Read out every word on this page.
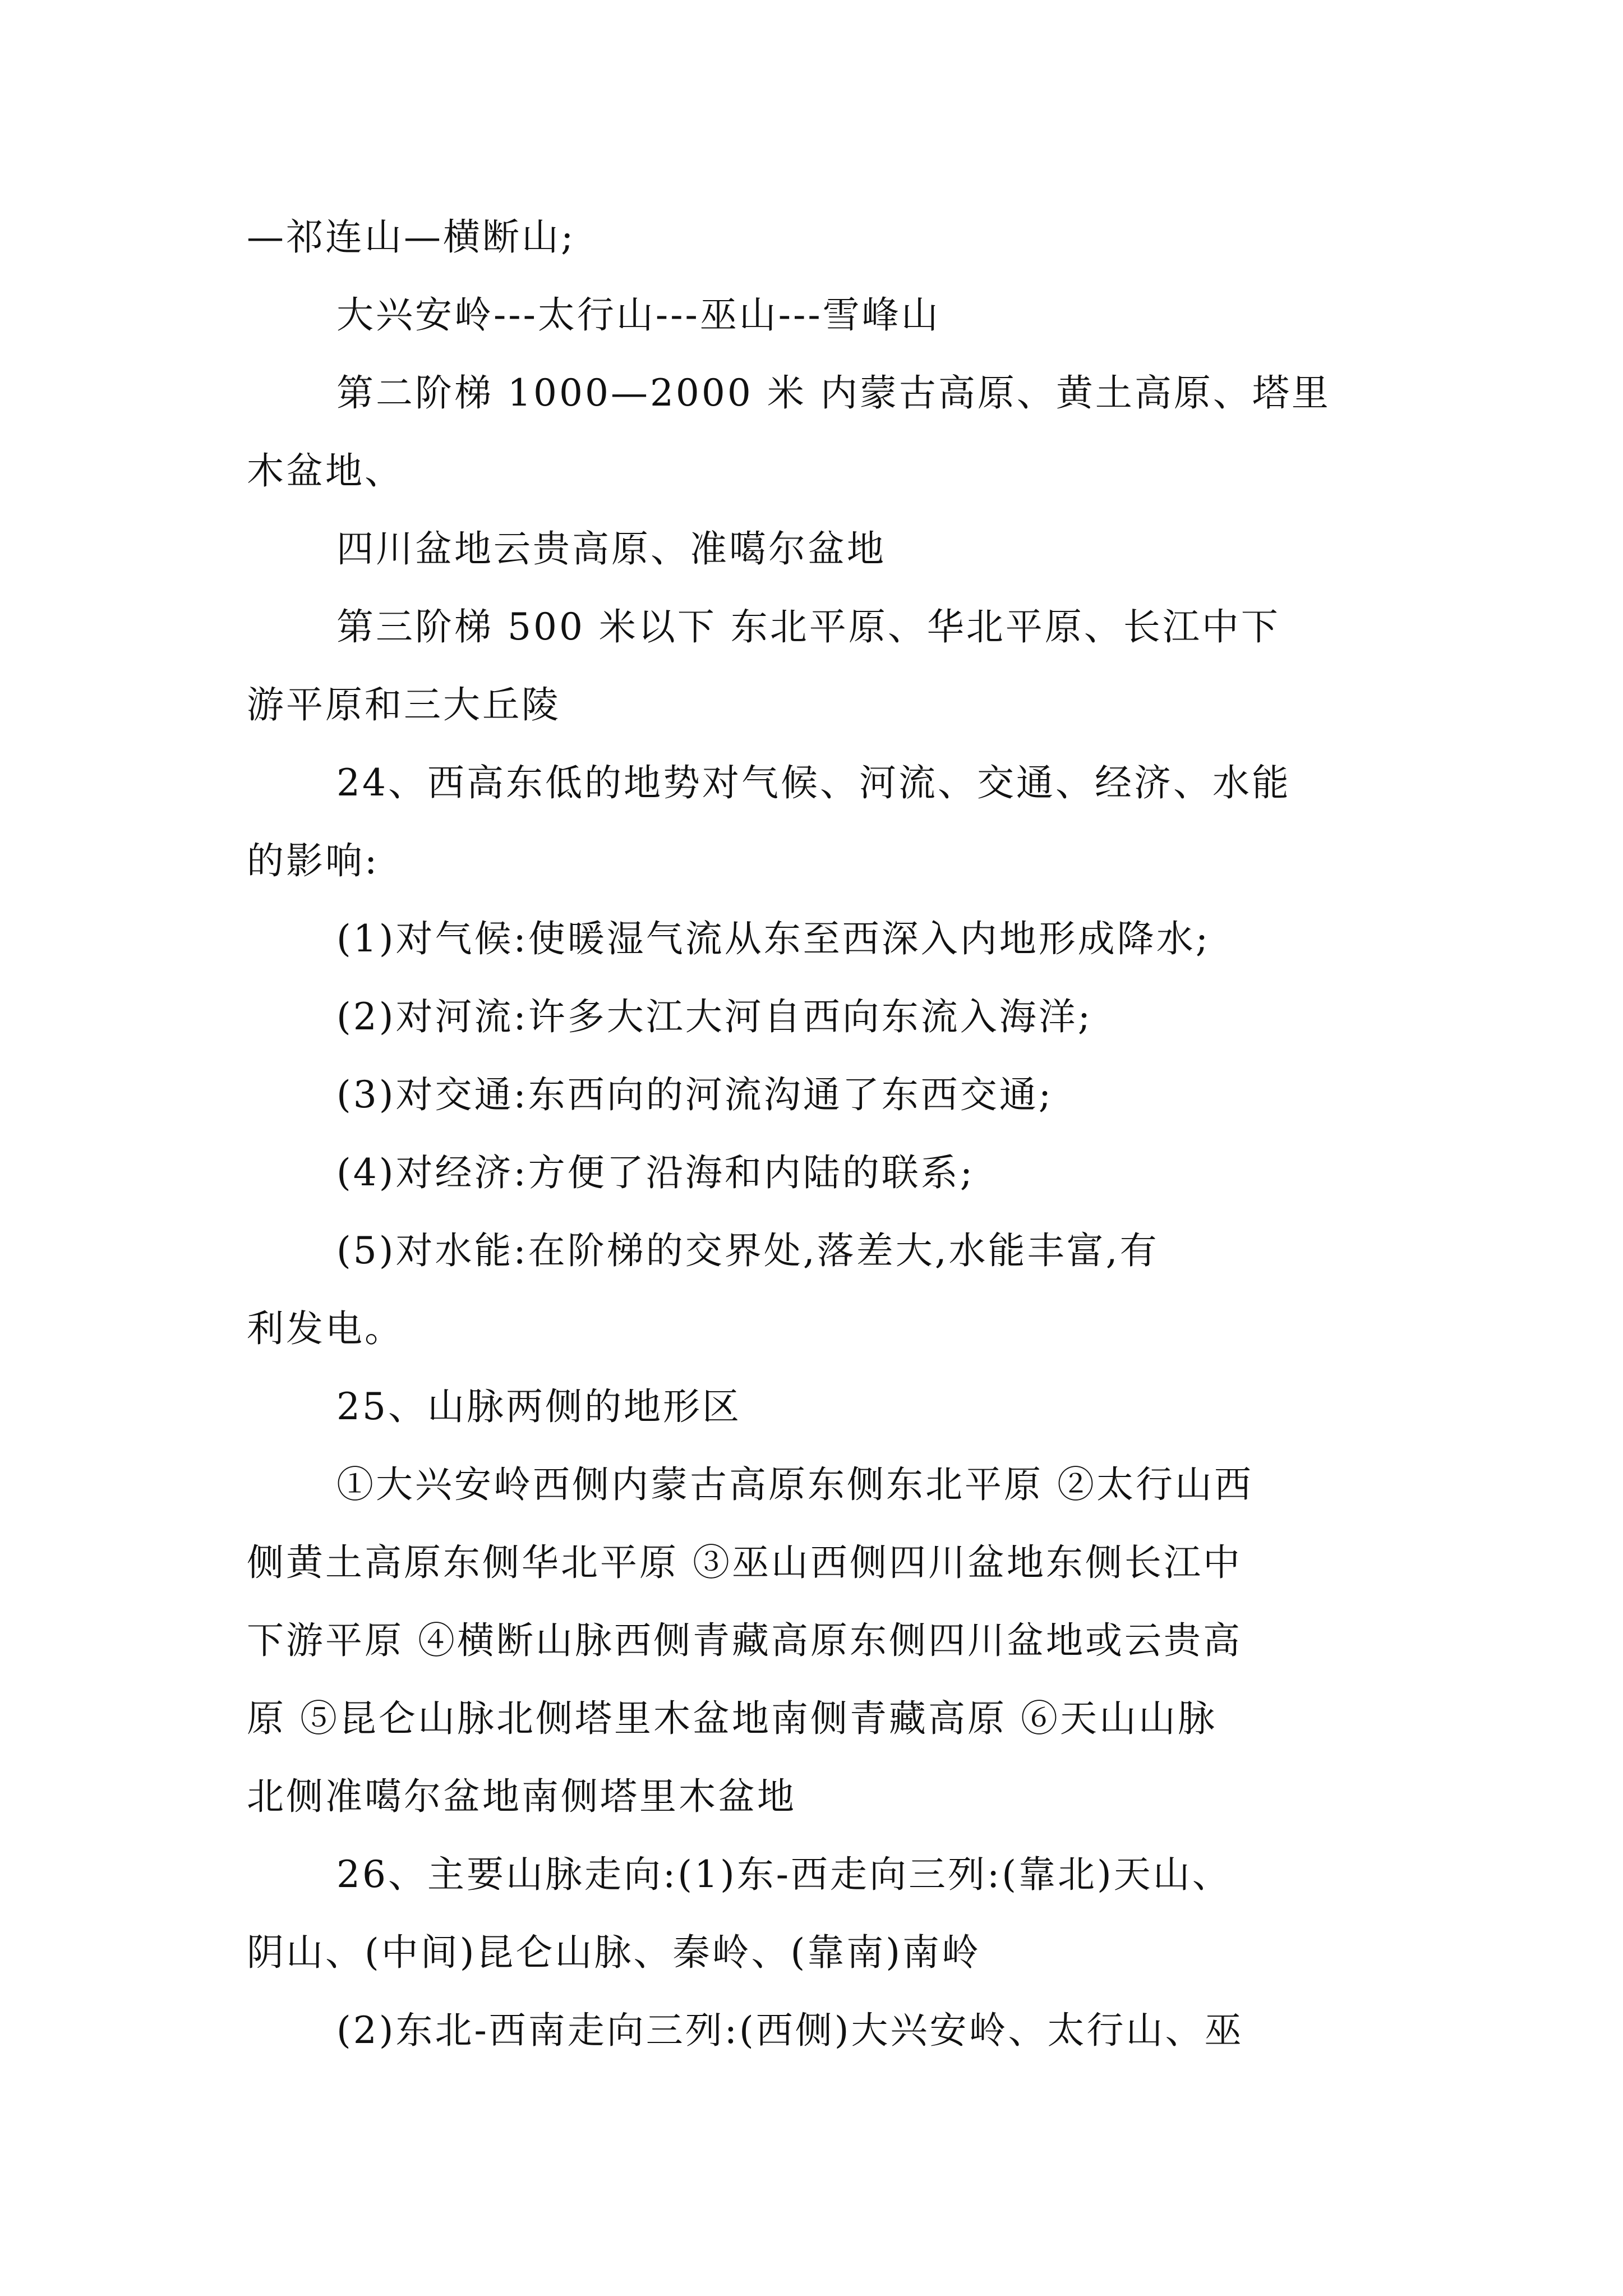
—祁连山—横断山;
大兴安岭---太行山---巫山---雪峰山
第二阶梯 1000—2000 米 内蒙古高原、黄土高原、塔里
木盆地、
四川盆地云贵高原、准噶尔盆地
第三阶梯 500 米以下 东北平原、华北平原、长江中下
游平原和三大丘陵
24、西高东低的地势对气候、河流、交通、经济、水能
的影响:
(1)对气候:使暖湿气流从东至西深入内地形成降水;
(2)对河流:许多大江大河自西向东流入海洋;
(3)对交通:东西向的河流沟通了东西交通;
(4)对经济:方便了沿海和内陆的联系;
(5)对水能:在阶梯的交界处,落差大,水能丰富,有
利发电。
25、山脉两侧的地形区
①大兴安岭西侧内蒙古高原东侧东北平原 ②太行山西
侧黄土高原东侧华北平原 ③巫山西侧四川盆地东侧长江中
下游平原 ④横断山脉西侧青藏高原东侧四川盆地或云贵高
原 ⑤昆仑山脉北侧塔里木盆地南侧青藏高原 ⑥天山山脉
北侧准噶尔盆地南侧塔里木盆地
26、主要山脉走向:(1)东-西走向三列:(靠北)天山、
阴山、(中间)昆仑山脉、秦岭、(靠南)南岭
(2)东北-西南走向三列:(西侧)大兴安岭、太行山、巫
